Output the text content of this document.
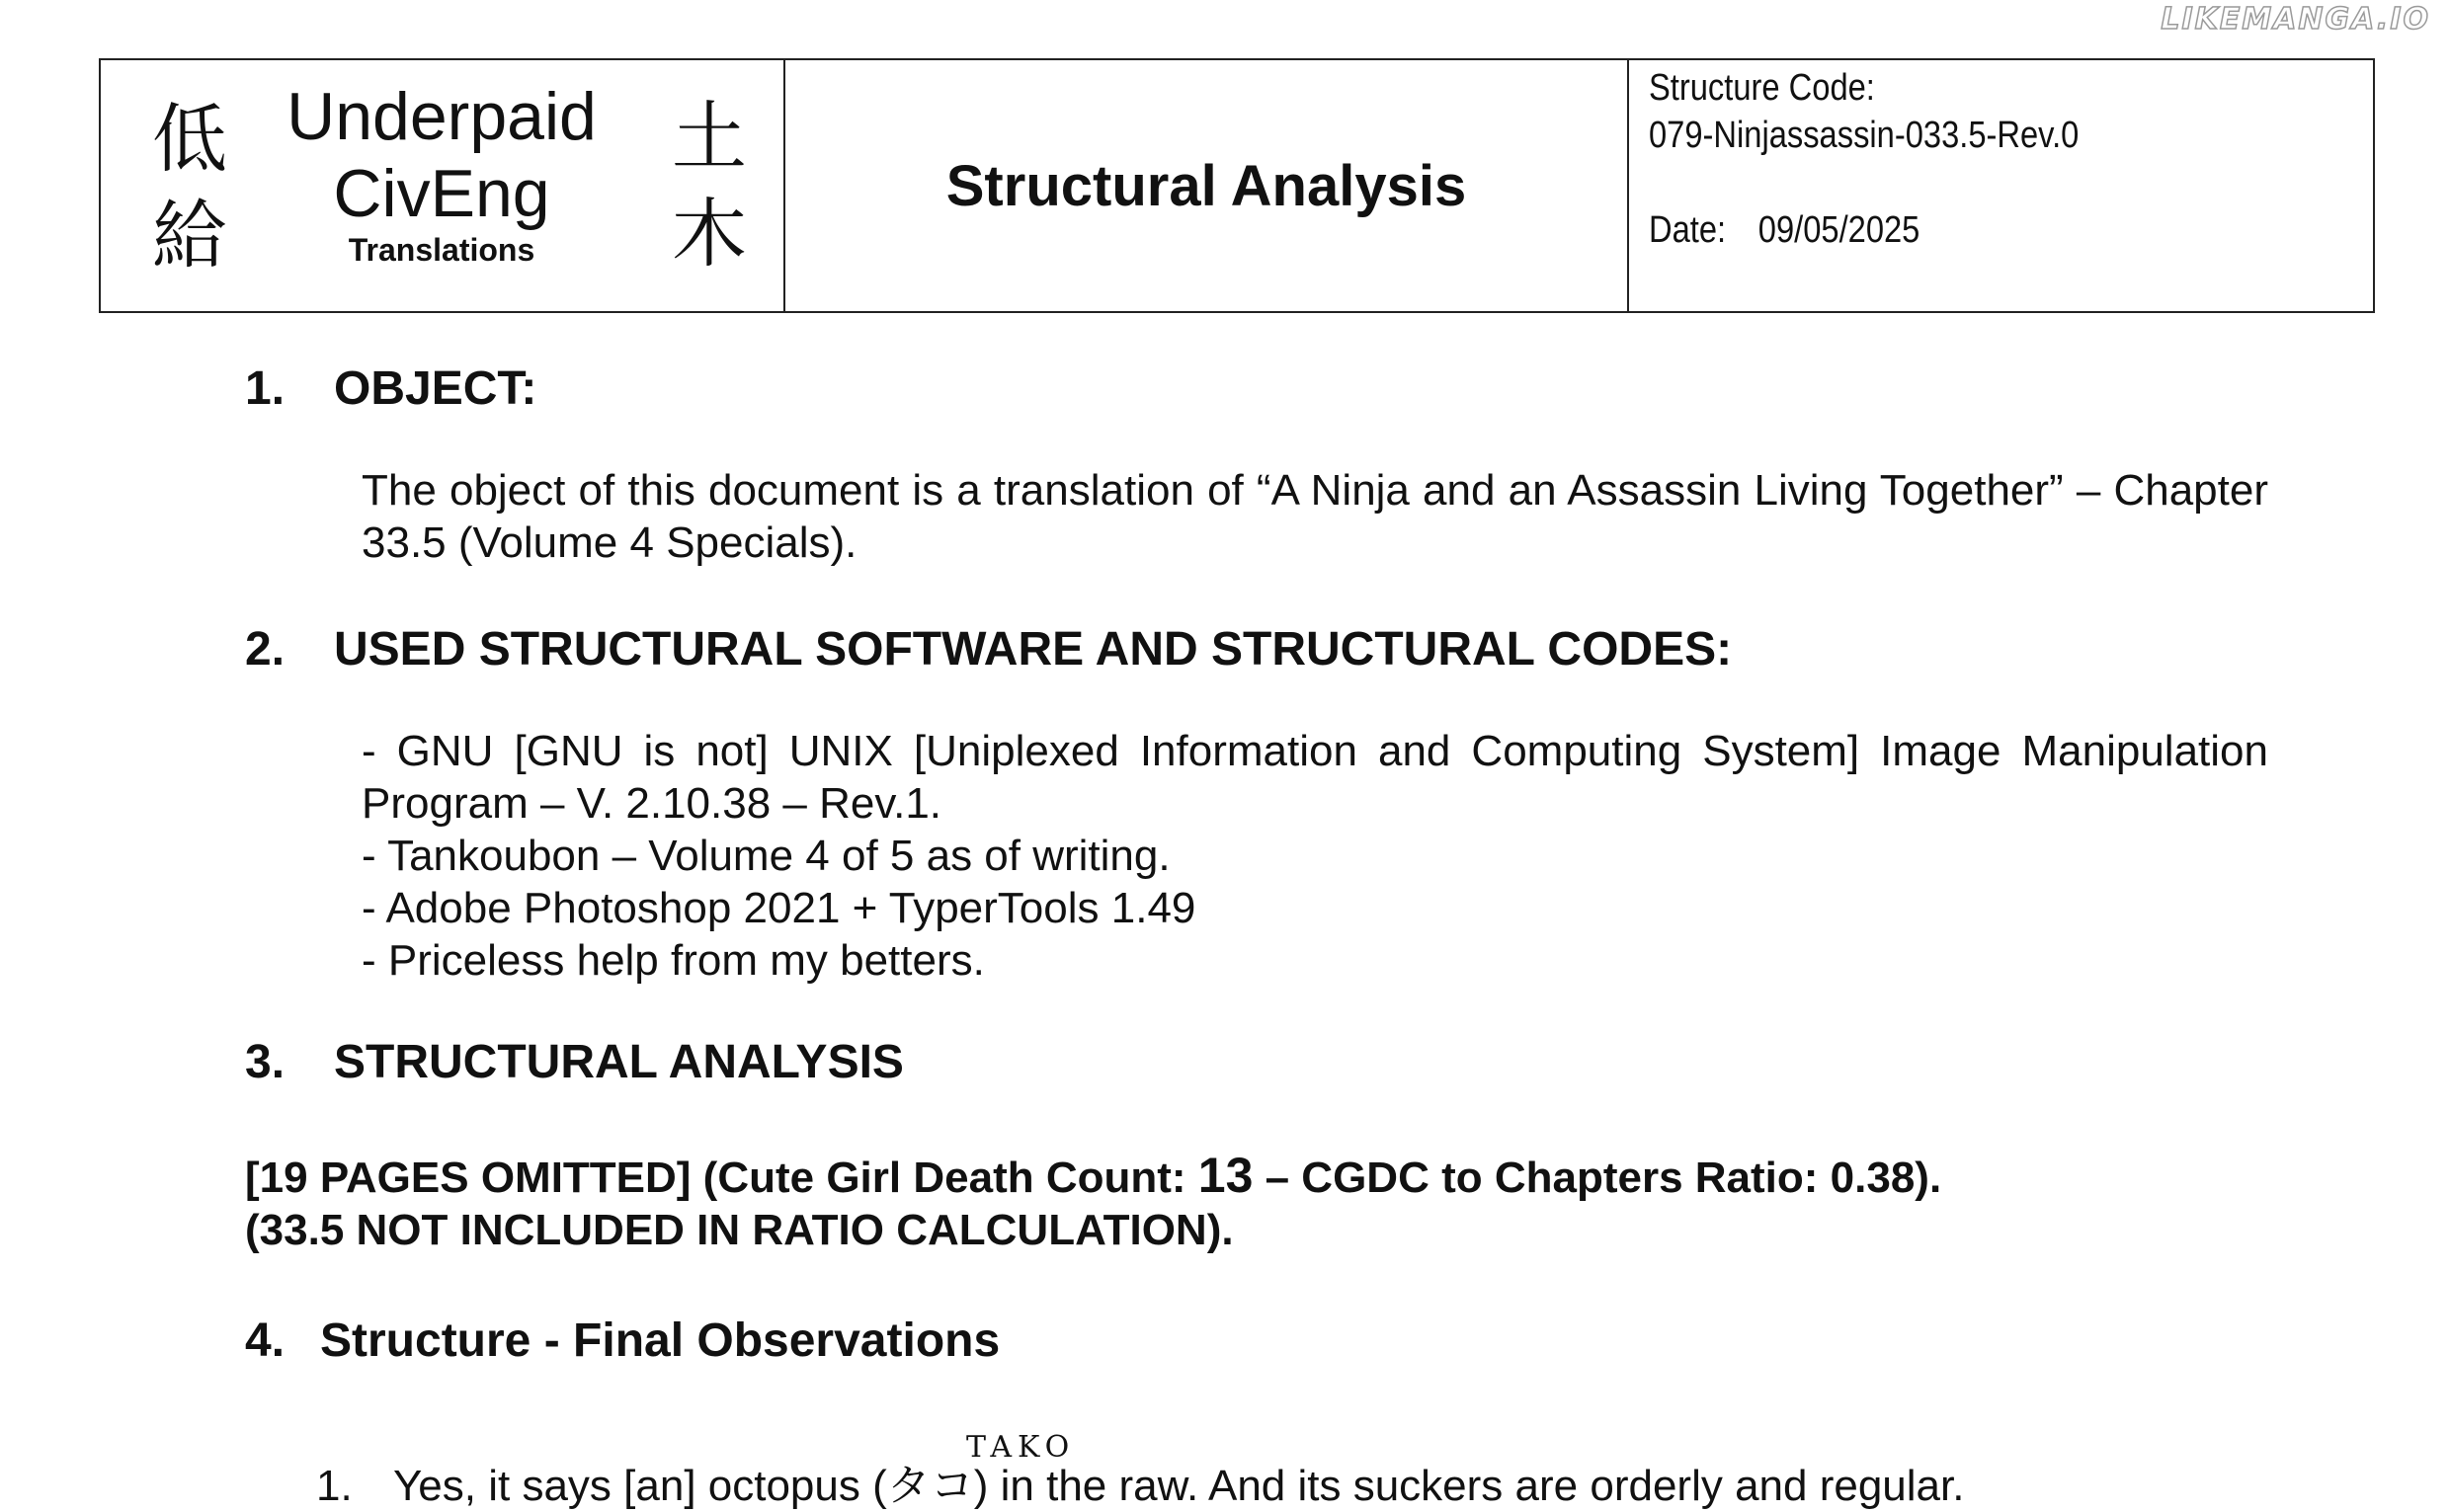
LIKEMANGA.IO
低
給
Underpaid
CivEng
Translations
土
木
Structural Analysis
Structure Code:
079-Ninjassassin-033.5-Rev.0
Date: 09/05/2025
1. OBJECT:
The object of this document is a translation of “A Ninja and an Assassin Living Together” – Chapter 33.5 (Volume 4 Specials).
2. USED STRUCTURAL SOFTWARE AND STRUCTURAL CODES:
- GNU [GNU is not] UNIX [Uniplexed Information and Computing System] Image Manipulation Program – V. 2.10.38 – Rev.1.
- Tankoubon – Volume 4 of 5 as of writing.
- Adobe Photoshop 2021 + TyperTools 1.49
- Priceless help from my betters.
3. STRUCTURAL ANALYSIS
[19 PAGES OMITTED] (Cute Girl Death Count: 13 – CGDC to Chapters Ratio: 0.38).
(33.5 NOT INCLUDED IN RATIO CALCULATION).
4. Structure - Final Observations
TAKO
1. Yes, it says [an] octopus (タコ) in the raw. And its suckers are orderly and regular.
